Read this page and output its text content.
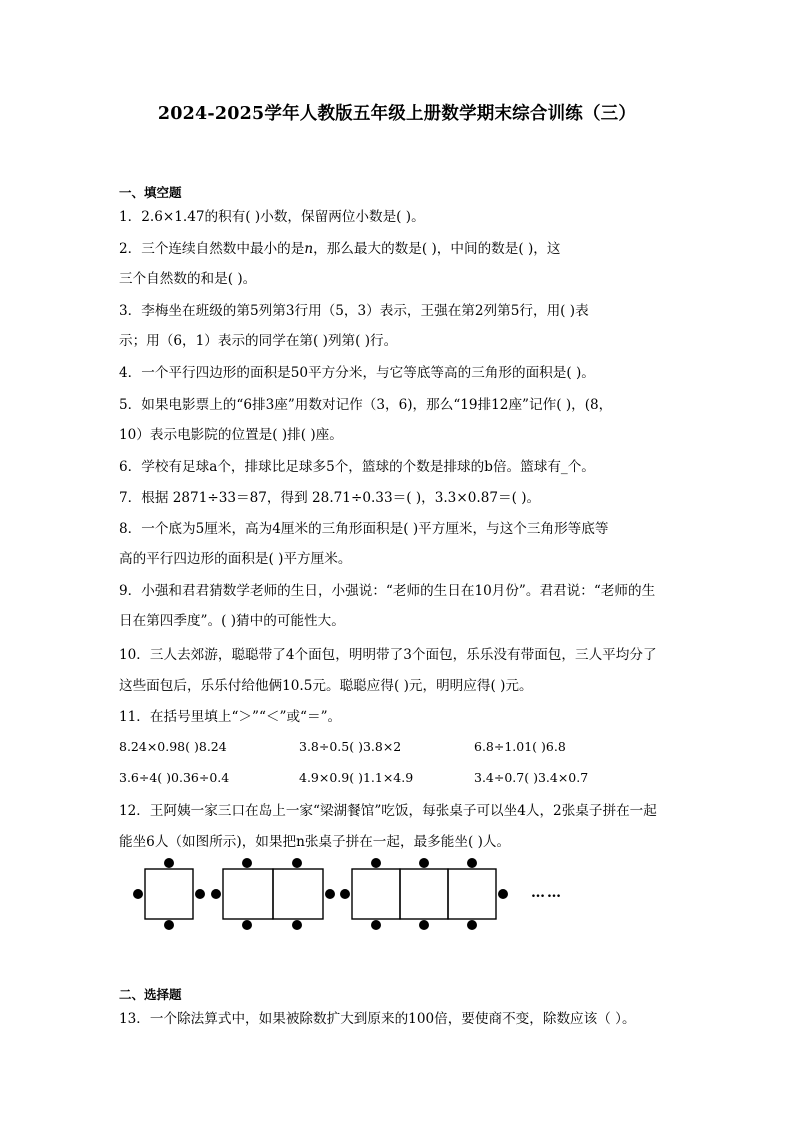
2024-2025学年人教版五年级上册数学期末综合训练（三）
一、填空题
1．2.6×1.47的积有( )小数，保留两位小数是( )。
2．三个连续自然数中最小的是𝑛，那么最大的数是( )，中间的数是( )，这
三个自然数的和是( )。
3．李梅坐在班级的第5列第3行用（5，3）表示，王强在第2列第5行，用( )表
示；用（6，1）表示的同学在第( )列第( )行。
4．一个平行四边形的面积是50平方分米，与它等底等高的三角形的面积是( )。
5．如果电影票上的“6排3座”用数对记作（3，6)，那么“19排12座”记作( )，(8，
10）表示电影院的位置是( )排( )座。
6．学校有足球a个，排球比足球多5个，篮球的个数是排球的b倍。篮球有_个。
7．根据 2871÷33＝87，得到 28.71÷0.33＝( )，3.3×0.87＝( )。
8．一个底为5厘米，高为4厘米的三角形面积是( )平方厘米，与这个三角形等底等
高的平行四边形的面积是( )平方厘米。
9．小强和君君猜数学老师的生日，小强说：“老师的生日在10月份”。君君说：“老师的生
日在第四季度”。( )猜中的可能性大。
10．三人去郊游，聪聪带了4个面包，明明带了3个面包，乐乐没有带面包，三人平均分了
这些面包后，乐乐付给他俩10.5元。聪聪应得( )元，明明应得( )元。
11．在括号里填上“＞”“＜”或“＝”。
8.24×0.98( )8.24	3.8÷0.5( )3.8×2	6.8÷1.01( )6.8
3.6÷4( )0.36÷0.4	4.9×0.9( )1.1×4.9	3.4÷0.7( )3.4×0.7
12．王阿姨一家三口在岛上一家“梁湖餐馆”吃饭，每张桌子可以坐4人，2张桌子拼在一起
能坐6人（如图所示)，如果把n张桌子拼在一起，最多能坐( )人。
……
二、选择题
13．一个除法算式中，如果被除数扩大到原来的100倍，要使商不变，除数应该（ ）。
